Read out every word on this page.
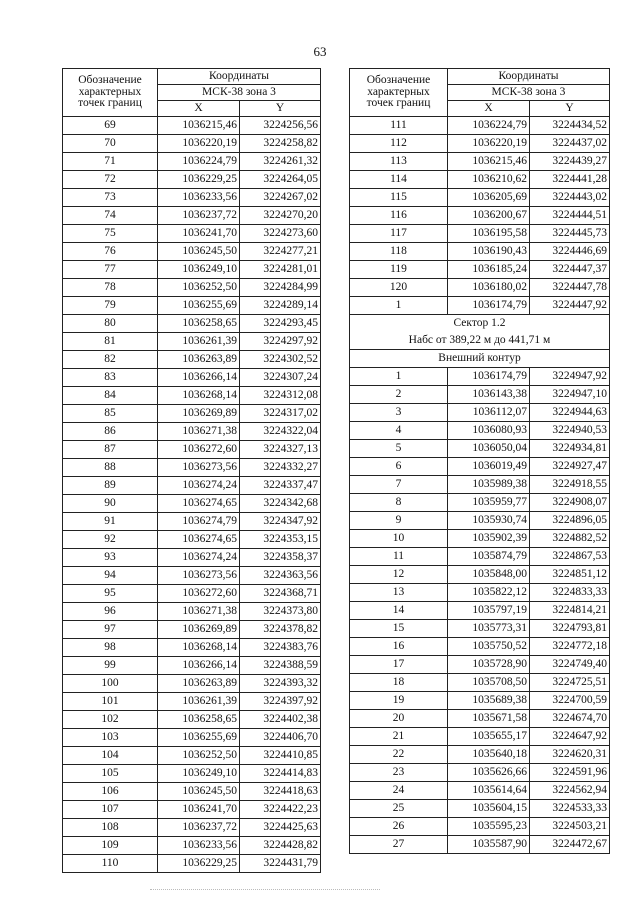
63
Обозначение
характерных
точек границ	Координаты	
	МСК-38 зона 3	
	X	Y
69	1036215,46	3224256,56
70	1036220,19	3224258,82
71	1036224,79	3224261,32
72	1036229,25	3224264,05
73	1036233,56	3224267,02
74	1036237,72	3224270,20
75	1036241,70	3224273,60
76	1036245,50	3224277,21
77	1036249,10	3224281,01
78	1036252,50	3224284,99
79	1036255,69	3224289,14
80	1036258,65	3224293,45
81	1036261,39	3224297,92
82	1036263,89	3224302,52
83	1036266,14	3224307,24
84	1036268,14	3224312,08
85	1036269,89	3224317,02
86	1036271,38	3224322,04
87	1036272,60	3224327,13
88	1036273,56	3224332,27
89	1036274,24	3224337,47
90	1036274,65	3224342,68
91	1036274,79	3224347,92
92	1036274,65	3224353,15
93	1036274,24	3224358,37
94	1036273,56	3224363,56
95	1036272,60	3224368,71
96	1036271,38	3224373,80
97	1036269,89	3224378,82
98	1036268,14	3224383,76
99	1036266,14	3224388,59
100	1036263,89	3224393,32
101	1036261,39	3224397,92
102	1036258,65	3224402,38
103	1036255,69	3224406,70
104	1036252,50	3224410,85
105	1036249,10	3224414,83
106	1036245,50	3224418,63
107	1036241,70	3224422,23
108	1036237,72	3224425,63
109	1036233,56	3224428,82
110	1036229,25	3224431,79
Обозначение
характерных
точек границ	Координаты	
	МСК-38 зона 3	
	X	Y
111	1036224,79	3224434,52
112	1036220,19	3224437,02
113	1036215,46	3224439,27
114	1036210,62	3224441,28
115	1036205,69	3224443,02
116	1036200,67	3224444,51
117	1036195,58	3224445,73
118	1036190,43	3224446,69
119	1036185,24	3224447,37
120	1036180,02	3224447,78
1	1036174,79	3224447,92

Сектор 1.2
Набс от 389,22 м до 441,71 м		

Внешний контур		
1	1036174,79	3224947,92
2	1036143,38	3224947,10
3	1036112,07	3224944,63
4	1036080,93	3224940,53
5	1036050,04	3224934,81
6	1036019,49	3224927,47
7	1035989,38	3224918,55
8	1035959,77	3224908,07
9	1035930,74	3224896,05
10	1035902,39	3224882,52
11	1035874,79	3224867,53
12	1035848,00	3224851,12
13	1035822,12	3224833,33
14	1035797,19	3224814,21
15	1035773,31	3224793,81
16	1035750,52	3224772,18
17	1035728,90	3224749,40
18	1035708,50	3224725,51
19	1035689,38	3224700,59
20	1035671,58	3224674,70
21	1035655,17	3224647,92
22	1035640,18	3224620,31
23	1035626,66	3224591,96
24	1035614,64	3224562,94
25	1035604,15	3224533,33
26	1035595,23	3224503,21
27	1035587,90	3224472,67
